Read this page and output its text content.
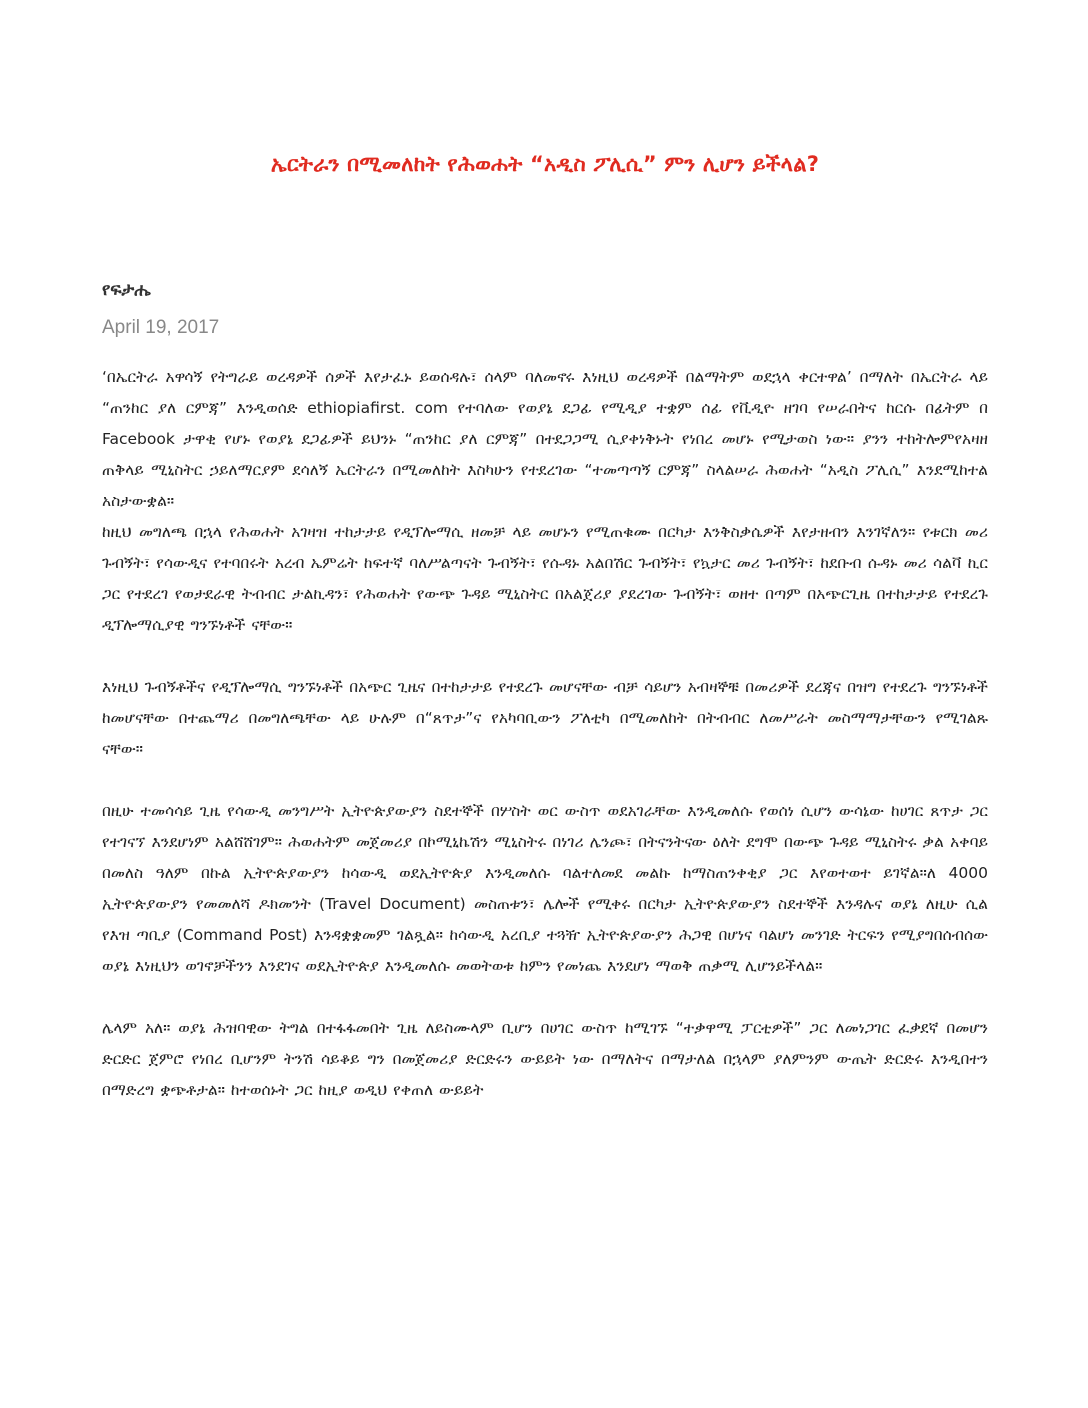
ኤርትራን በሚመለከት የሕወሐት “አዲስ ፖሊሲ” ምን ሊሆን ይችላል?
የፍታሔ
April 19, 2017

‘በኤርትራ አዋሳኝ የትግራይ ወረዳዎች ሰዎች እየታፈኑ ይወሰዳሉ፣ ሰላም ባለመኖሩ እነዚህ ወረዳዎች በልማትም ወደኋላ ቀርተዋል’ በማለት በኤርትራ ላይ “ጠንከር ያለ ርምጃ” እንዲወሰድ ethiopiafirst. com የተባለው የወያኔ ደጋፊ የሚዲያ ተቋም ሰፊ የቪዲዮ ዘገባ የሠራበትና ከርሱ በፊትም በ Facebook ታዋቂ የሆኑ የወያኔ ደጋፊዎች ይህንኑ “ጠንከር ያለ ርምጃ” በተደጋጋሚ ሲያቀነቅኑት የነበረ መሆኑ የሚታወስ ነው። ያንን ተከትሎምየአዛዘ ጠቅላይ ሚኒስትር ኃይለማርያም ደሳለኝ ኤርትራን በሚመለከት እስካሁን የተደረገው “ተመጣጣኝ ርምጃ” ስላልሠራ ሕወሐት “አዲስ ፖሊሲ” እንደሚከተል አስታውቋል።
ከዚህ መግለጫ በኋላ የሕወሐት አገዛዝ ተከታታይ የዲፕሎማሲ ዘመቻ ላይ መሆኑን የሚጠቁሙ በርካታ እንቅስቃሴዎች እየታዘብን እንገኛለን። የቱርክ መሪ ጉብኝት፣ የሳውዲና የተባበሩት አረብ ኤምሬት ከፍተኛ ባለሥልጣናት ጉብኝት፣ የሱዳኑ አልበሽር ጉብኝት፣ የኳታር መሪ ጉብኝት፣ ከደቡብ ሱዳኑ መሪ ሳልቫ ኪር ጋር የተደረገ የወታደራዊ ትብብር ታልኪዳን፣ የሕወሐት የውጭ ጉዳይ ሚኒስትር በአልጀሪያ ያደረገው ጉብኝት፣ ወዘተ በጣም በአጭርጊዜ በተከታታይ የተደረጉ ዲፕሎማሲያዊ ግንኙነቶች ናቸው።

እነዚህ ጉብኝቶችና የዲፕሎማሲ ግንኙነቶች በአጭር ጊዜና በተከታታይ የተደረጉ መሆናቸው ብቻ ሳይሆን አብዛኞቹ በመሪዎች ደረጃና በዝግ የተደረጉ ግንኙነቶች ከመሆናቸው በተጨማሪ በመግለጫቸው ላይ ሁሉም በ“ጸጥታ”ና የአካባቢውን ፖለቲካ በሚመለከት በትብብር ለመሥራት መስማማታቸውን የሚገልጹ ናቸው።

በዚሁ ተመሳሳይ ጊዜ የሳውዲ መንግሥት ኢትዮጵያውያን ስደተኞች በሦስት ወር ውስጥ ወደአገራቸው እንዲመለሱ የወሰነ ሲሆን ውሳኔው ከሀገር ጸጥታ ጋር የተገናኘ እንደሆነም አልሸሸገም። ሕወሐትም መጀመሪያ በኮሚኒኬሽን ሚኒስትሩ በነገሪ ሌንጮ፣ በትናንትናው ዕለት ደግሞ በውጭ ጉዳይ ሚኒስትሩ ቃል አቀባይ በመለስ ዓለም በኩል ኢትዮጵያውያን ከሳውዲ ወደኢትዮጵያ እንዲመለሱ ባልተለመደ መልኩ ከማስጠንቀቂያ ጋር እየወተወተ ይገኛል።ለ 4000 ኢትዮጵያውያን የመመለሻ ዶክመንት (Travel Document) መስጠቱን፣ ሌሎች የሚቀሩ በርካታ ኢትዮጵያውያን ስደተኞች እንዳሉና ወያኔ ለዚሁ ሲል የእዝ ጣቢያ (Command Post) እንዳቋቋመም ገልጿል። ከሳውዲ አረቢያ ተጓዥ ኢትዮጵያውያን ሕጋዊ በሆነና ባልሆነ መንገድ ትርፍን የሚያግበሰብሰው ወያኔ እነዚህን ወገኖቻችንን እንደገና ወደኢትዮጵያ እንዲመለሱ መወትወቱ ከምን የመነጨ እንደሆነ ማወቅ ጠቃሚ ሊሆንይችላል።

ሌላም አለ። ወያኔ ሕዝባዊው ትግል በተፋፋመበት ጊዜ ለይስሙላም ቢሆን በሀገር ውስጥ ከሚገኙ “ተቃዋሚ ፓርቲዎች” ጋር ለመነጋገር ፈቃደኛ በመሆን ድርድር ጀምሮ የነበረ ቢሆንም ትንሽ ሳይቆይ ግን በመጀመሪያ ድርድሩን ውይይት ነው በማለትና በማታለል በኋላም ያለምንም ውጤት ድርድሩ እንዲበተን በማድረግ ቋጭቶታል። ከተወሰኑት ጋር ከዚያ ወዲህ የቀጠለ ውይይት
